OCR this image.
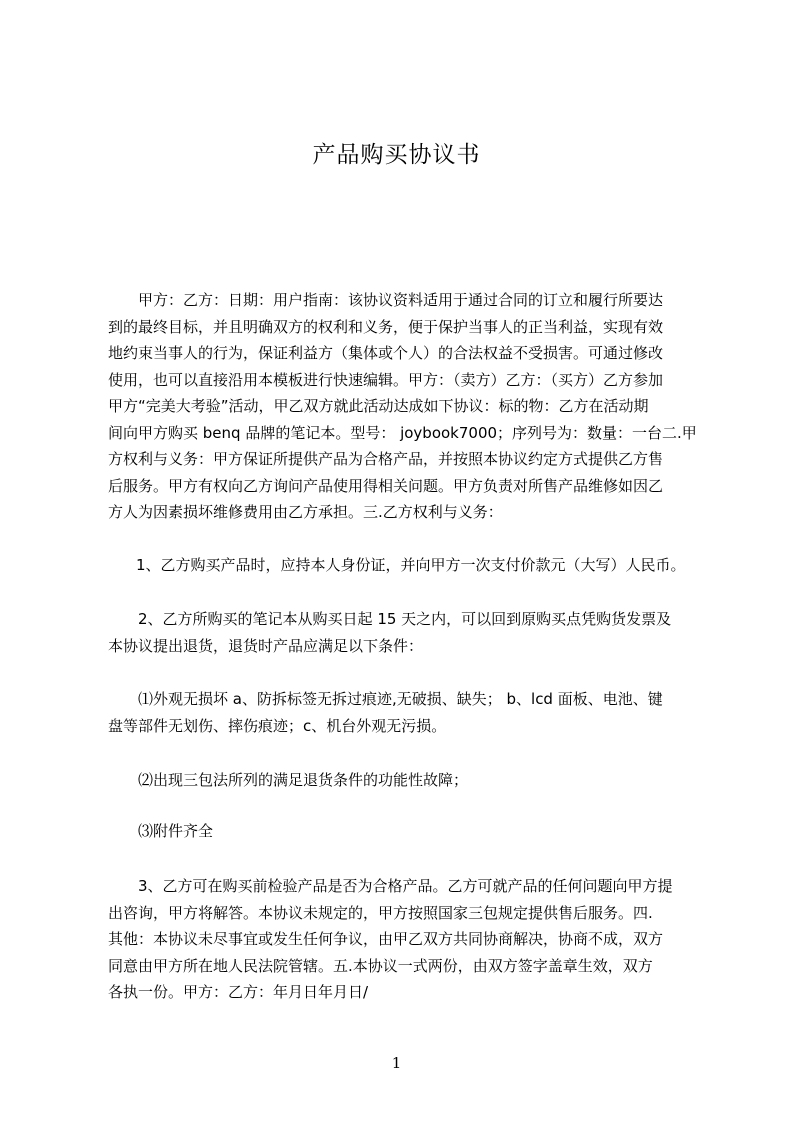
产品购买协议书
甲方：乙方：日期：用户指南：该协议资料适用于通过合同的订立和履行所要达
到的最终目标，并且明确双方的权利和义务，便于保护当事人的正当利益，实现有效
地约束当事人的行为，保证利益方（集体或个人）的合法权益不受损害。可通过修改
使用，也可以直接沿用本模板进行快速编辑。甲方：（卖方）乙方：（买方）乙方参加
甲方“完美大考验”活动，甲乙双方就此活动达成如下协议：标的物：乙方在活动期
间向甲方购买 benq 品牌的笔记本。型号： joybook7000；序列号为：数量：一台二.甲
方权利与义务：甲方保证所提供产品为合格产品，并按照本协议约定方式提供乙方售
后服务。甲方有权向乙方询问产品使用得相关问题。甲方负责对所售产品维修如因乙
方人为因素损坏维修费用由乙方承担。三.乙方权利与义务：
1、乙方购买产品时，应持本人身份证，并向甲方一次支付价款元（大写）人民币。
2、乙方所购买的笔记本从购买日起 15 天之内，可以回到原购买点凭购货发票及
本协议提出退货，退货时产品应满足以下条件：
⑴外观无损坏 a、防拆标签无拆过痕迹,无破损、缺失； b、lcd 面板、电池、键
盘等部件无划伤、摔伤痕迹；c、机台外观无污损。
⑵出现三包法所列的满足退货条件的功能性故障；
⑶附件齐全
3、乙方可在购买前检验产品是否为合格产品。乙方可就产品的任何问题向甲方提
出咨询，甲方将解答。本协议未规定的，甲方按照国家三包规定提供售后服务。四.
其他：本协议未尽事宜或发生任何争议，由甲乙双方共同协商解决，协商不成，双方
同意由甲方所在地人民法院管辖。五.本协议一式两份，由双方签字盖章生效，双方
各执一份。甲方：乙方：年月日年月日/
1
